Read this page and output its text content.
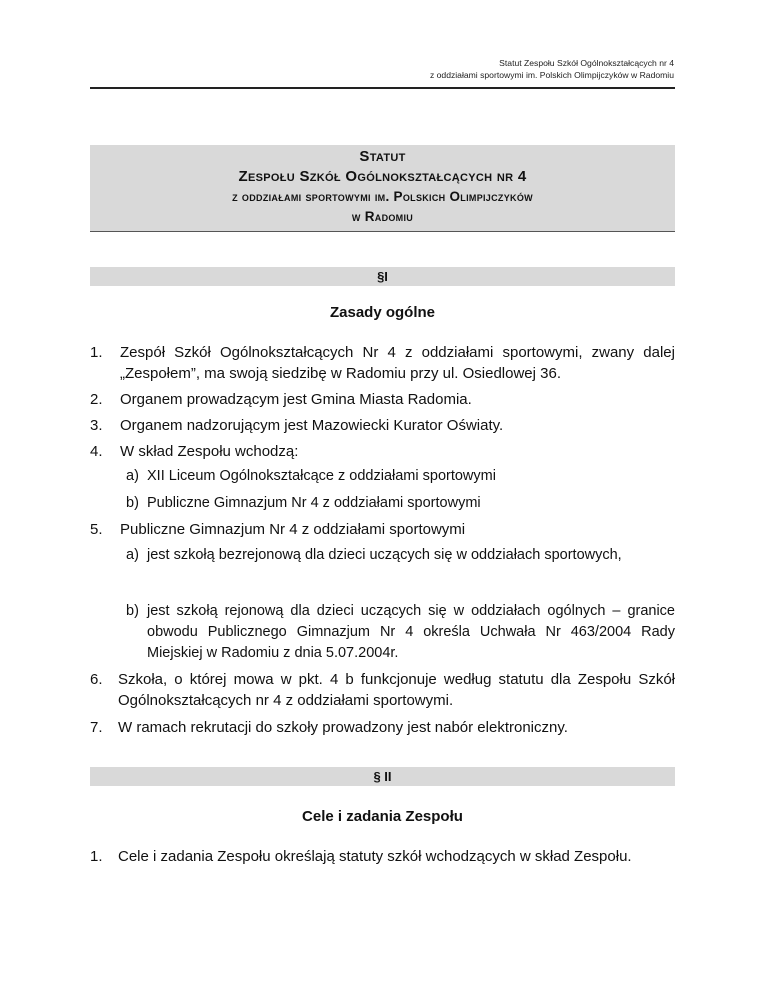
Statut Zespołu Szkół Ogólnokształcących nr 4
z oddziałami sportowymi im. Polskich Olimpijczyków w Radomiu
Statut
Zespołu Szkół Ogólnokształcących nr 4
z oddziałami sportowymi im. Polskich Olimpijczyków
w Radomiu
§I
Zasady ogólne
1. Zespół Szkół Ogólnokształcących Nr 4 z oddziałami sportowymi, zwany dalej „Zespołem”, ma swoją siedzibę w Radomiu przy ul. Osiedlowej 36.
2. Organem prowadzącym jest Gmina Miasta Radomia.
3. Organem nadzorującym jest Mazowiecki Kurator Oświaty.
4. W skład Zespołu wchodzą:
a) XII Liceum Ogólnokształcące z oddziałami sportowymi
b) Publiczne Gimnazjum Nr 4 z oddziałami sportowymi
5. Publiczne Gimnazjum Nr 4 z oddziałami sportowymi
a) jest szkołą bezrejonową dla dzieci uczących się w oddziałach sportowych,
b) jest szkołą rejonową dla dzieci uczących się w oddziałach ogólnych – granice obwodu Publicznego Gimnazjum Nr 4 określa Uchwała Nr 463/2004 Rady Miejskiej w Radomiu z dnia 5.07.2004r.
6. Szkoła, o której mowa w pkt. 4 b funkcjonuje według statutu dla Zespołu Szkół Ogólnokształcących nr 4 z oddziałami sportowymi.
7. W ramach rekrutacji do szkoły prowadzony jest nabór elektroniczny.
§ II
Cele i zadania Zespołu
1. Cele i zadania Zespołu określają statuty szkół wchodzących w skład Zespołu.
